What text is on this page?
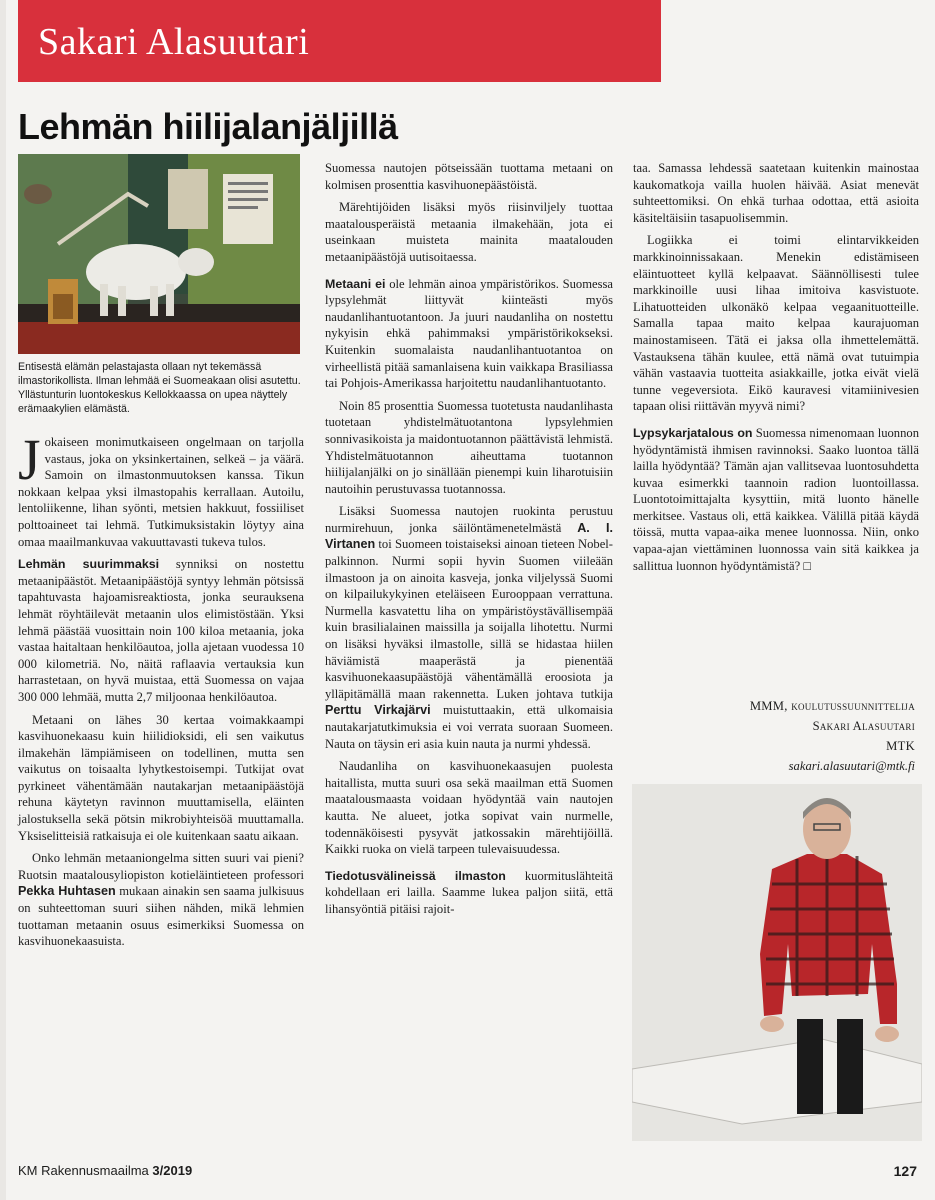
Sakari Alasuutari
Lehmän hiilijalanjäljillä
Entisestä elämän pelastajasta ollaan nyt tekemässä ilmastorikollista. Ilman lehmää ei Suomeakaan olisi asutettu. Yllästunturin luontokeskus Kellokkaassa on upea näyttely erämaakylien elämästä.

Jokaiseen monimutkaiseen ongelmaan on tarjolla vastaus, joka on yksinkertainen, selkeä – ja väärä. Samoin on ilmastonmuutoksen kanssa. Tikun nokkaan kelpaa yksi ilmastopahis kerrallaan. Autoilu, lentoliikenne, lihan syönti, metsien hakkuut, fossiiliset polttoaineet tai lehmä. Tutkimuksistakin löytyy aina omaa maailmankuvaa vakuuttavasti tukeva tulos.

Lehmän suurimmaksi synniksi on nostettu metaanipäästöt. Metaanipäästöjä syntyy lehmän pötsissä tapahtuvasta hajoamisreaktiosta, jonka seurauksena lehmät röyhtäilevät metaanin ulos elimistöstään. Yksi lehmä päästää vuosittain noin 100 kiloa metaania, joka vastaa haitaltaan henkilöautoa, jolla ajetaan vuodessa 10 000 kilometriä. No, näitä raflaavia vertauksia kun harrastetaan, on hyvä muistaa, että Suomessa on vajaa 300 000 lehmää, mutta 2,7 miljoonaa henkilöautoa.

Metaani on lähes 30 kertaa voimakkaampi kasvihuonekaasu kuin hiilidioksidi, eli sen vaikutus ilmakehän lämpiämiseen on todellinen, mutta sen vaikutus on toisaalta lyhytkestoisempi. Tutkijat ovat pyrkineet vähentämään nautakarjan metaanipäästöjä rehuna käytetyn ravinnon muuttamisella, eläinten jalostuksella sekä pötsin mikrobiyhteisöä muuttamalla. Yksiselitteisiä ratkaisuja ei ole kuitenkaan saatu aikaan.

Onko lehmän metaaniongelma sitten suuri vai pieni? Ruotsin maatalousyliopiston kotieläintieteen professori Pekka Huhtasen mukaan ainakin sen saama julkisuus on suhteettoman suuri siihen nähden, mikä lehmien tuottaman metaanin osuus esimerkiksi Suomessa on kasvihuonekaasuista.

Suomessa nautojen pötseissään tuottama metaani on kolmisen prosenttia kasvihuonepäästöistä.

Märehtijöiden lisäksi myös riisinviljely tuottaa maatalousperäistä metaania ilmakehään, jota ei useinkaan muisteta mainita maatalouden metaanipäästöjä uutisoitaessa.

Metaani ei ole lehmän ainoa ympäristörikos. Suomessa lypsylehmät liittyvät kiinteästi myös naudanlihantuotantoon. Ja juuri naudanliha on nostettu nykyisin ehkä pahimmaksi ympäristörikokseksi. Kuitenkin suomalaista naudanlihantuotantoa on virheellistä pitää samanlaisena kuin vaikkapa Brasiliassa tai Pohjois-Amerikassa harjoitettu naudanlihantuotanto.

Noin 85 prosenttia Suomessa tuotetusta naudanlihasta tuotetaan yhdistelmätuotantona lypsylehmien sonnivasikoista ja maidontuotannon päättävistä lehmistä. Yhdistelmätuotannon aiheuttama tuotannon hiilijalanjälki on jo sinällään pienempi kuin liharotuisiin nautoihin perustuvassa tuotannossa.

Lisäksi Suomessa nautojen ruokinta perustuu nurmirehuun, jonka säilöntämenetelmästä A. I. Virtanen toi Suomeen toistaiseksi ainoan tieteen Nobel-palkinnon. Nurmi sopii hyvin Suomen viileään ilmastoon ja on ainoita kasveja, jonka viljelyssä Suomi on kilpailukykyinen eteläiseen Eurooppaan verrattuna. Nurmella kasvatettu liha on ympäristöystävällisempää kuin brasilialainen maissilla ja soijalla lihotettu. Nurmi on lisäksi hyväksi ilmastolle, sillä se hidastaa hiilen häviämistä maaperästä ja pienentää kasvihuonekaasupäästöjä vähentämällä eroosiota ja ylläpitämällä maan rakennetta. Luken johtava tutkija Perttu Virkajärvi muistuttaakin, että ulkomaisia nautakarjatutkimuksia ei voi verrata suoraan Suomeen. Nauta on täysin eri asia kuin nauta ja nurmi yhdessä.

Naudanliha on kasvihuonekaasujen puolesta haitallista, mutta suuri osa sekä maailman että Suomen maatalousmaasta voidaan hyödyntää vain nautojen kautta. Ne alueet, jotka sopivat vain nurmelle, todennäköisesti pysyvät jatkossakin märehtijöillä. Kaikki ruoka on vielä tarpeen tulevaisuudessa.

Tiedotusvälineissä ilmaston kuormituslähteitä kohdellaan eri lailla. Saamme lukea paljon siitä, että lihansyöntiä pitäisi rajoit-

taa. Samassa lehdessä saatetaan kuitenkin mainostaa kaukomatkoja vailla huolen häivää. Asiat menevät suhteettomiksi. On ehkä turhaa odottaa, että asioita käsiteltäisiin tasapuolisemmin.

Logiikka ei toimi elintarvikkeiden markkinoinnissakaan. Menekin edistämiseen eläintuotteet kyllä kelpaavat. Säännöllisesti tulee markkinoille uusi lihaa imitoiva kasvistuote. Lihatuotteiden ulkonäkö kelpaa vegaanituotteille. Samalla tapaa maito kelpaa kaurajuoman mainostamiseen. Tätä ei jaksa olla ihmettelemättä. Vastauksena tähän kuulee, että nämä ovat tutuimpia vähän vastaavia tuotteita asiakkaille, jotka eivät vielä tunne vegeversiota. Eikö kauravesi vitamiinivesien tapaan olisi riittävän myyvä nimi?

Lypsykarjatalous on Suomessa nimenomaan luonnon hyödyntämistä ihmisen ravinnoksi. Saako luontoa tällä lailla hyödyntää? Tämän ajan vallitsevaa luontosuhdetta kuvaa esimerkki taannoin radion luontoillassa. Luontotoimittajalta kysyttiin, mitä luonto hänelle merkitsee. Vastaus oli, että kaikkea. Välillä pitää käydä töissä, mutta vapaa-aika menee luonnossa. Niin, onko vapaa-ajan viettäminen luonnossa vain sitä kaikkea ja sallittua luonnon hyödyntämistä? □

MMM, koulutussuunnittelija
Sakari Alasuutari
MTK
sakari.alasuutari@mtk.fi
KM Rakennusmaailma 3/2019	127
